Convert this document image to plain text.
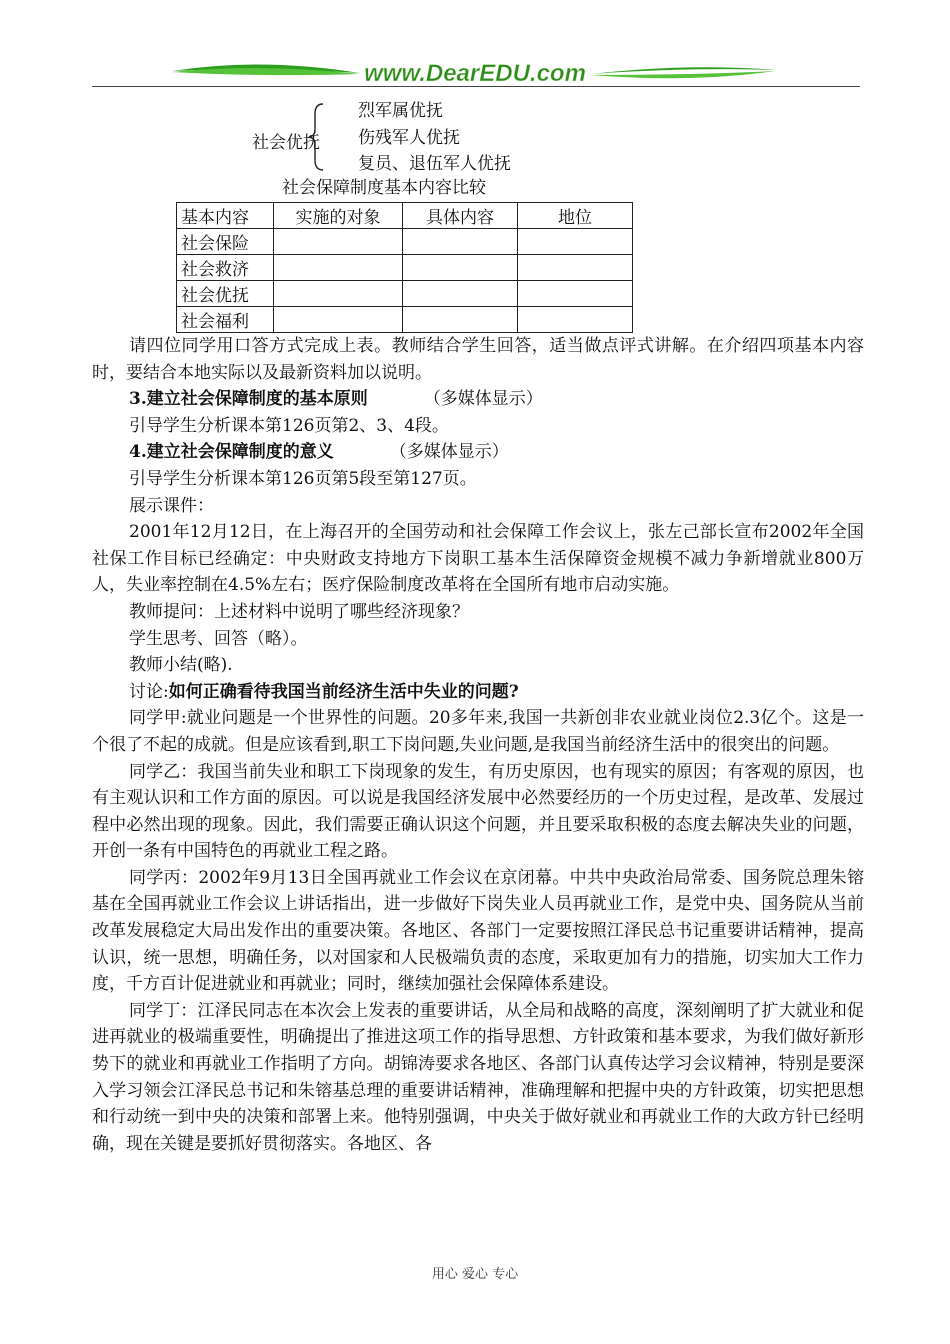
www.DearEDU.com
社会优抚
烈军属优抚
伤残军人优抚
复员、退伍军人优抚
社会保障制度基本内容比较
基本内容	实施的对象	具体内容	地位
社会保险			
社会救济			
社会优抚			
社会福利			

请四位同学用口答方式完成上表。教师结合学生回答，适当做点评式讲解。在介绍四项基本内容时，要结合本地实际以及最新资料加以说明。

3.建立社会保障制度的基本原则	（多媒体显示）

引导学生分析课本第126页第2、3、4段。

4.建立社会保障制度的意义	（多媒体显示）

引导学生分析课本第126页第5段至第127页。

展示课件：

2001年12月12日，在上海召开的全国劳动和社会保障工作会议上，张左己部长宣布2002年全国社保工作目标已经确定：中央财政支持地方下岗职工基本生活保障资金规模不减力争新增就业800万人，失业率控制在4.5%左右；医疗保险制度改革将在全国所有地市启动实施。

教师提问：上述材料中说明了哪些经济现象？

学生思考、回答（略）。

教师小结(略).

讨论:如何正确看待我国当前经济生活中失业的问题?

同学甲:就业问题是一个世界性的问题。20多年来,我国一共新创非农业就业岗位2.3亿个。这是一个很了不起的成就。但是应该看到,职工下岗问题,失业问题,是我国当前经济生活中的很突出的问题。

同学乙：我国当前失业和职工下岗现象的发生，有历史原因，也有现实的原因；有客观的原因，也有主观认识和工作方面的原因。可以说是我国经济发展中必然要经历的一个历史过程，是改革、发展过程中必然出现的现象。因此，我们需要正确认识这个问题，并且要采取积极的态度去解决失业的问题，开创一条有中国特色的再就业工程之路。

同学丙：2002年9月13日全国再就业工作会议在京闭幕。中共中央政治局常委、国务院总理朱镕基在全国再就业工作会议上讲话指出，进一步做好下岗失业人员再就业工作，是党中央、国务院从当前改革发展稳定大局出发作出的重要决策。各地区、各部门一定要按照江泽民总书记重要讲话精神，提高认识，统一思想，明确任务，以对国家和人民极端负责的态度，采取更加有力的措施，切实加大工作力度，千方百计促进就业和再就业；同时，继续加强社会保障体系建设。

同学丁：江泽民同志在本次会上发表的重要讲话，从全局和战略的高度，深刻阐明了扩大就业和促进再就业的极端重要性，明确提出了推进这项工作的指导思想、方针政策和基本要求，为我们做好新形势下的就业和再就业工作指明了方向。胡锦涛要求各地区、各部门认真传达学习会议精神，特别是要深入学习领会江泽民总书记和朱镕基总理的重要讲话精神，准确理解和把握中央的方针政策，切实把思想和行动统一到中央的决策和部署上来。他特别强调，中央关于做好就业和再就业工作的大政方针已经明确，现在关键是要抓好贯彻落实。各地区、各

用心 爱心 专心
